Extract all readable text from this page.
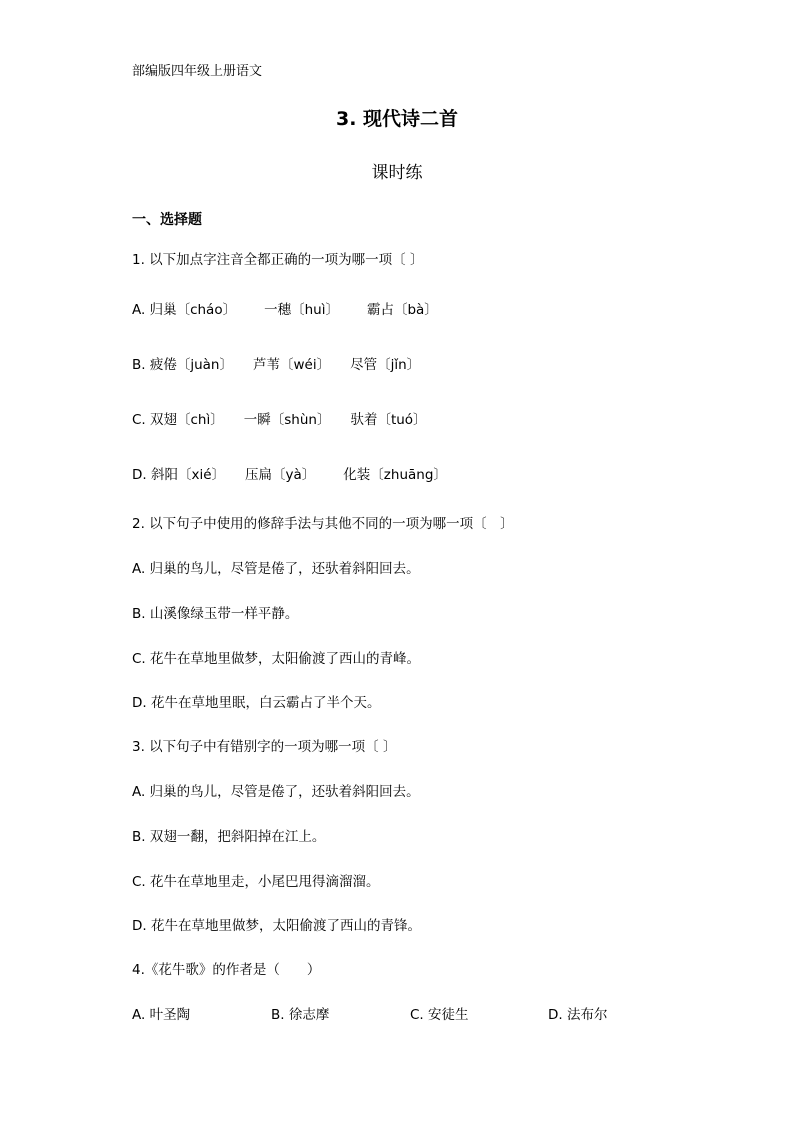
部编版四年级上册语文
3. 现代诗二首
课时练
一、选择题
1. 以下加点字注音全都正确的一项为哪一项〔 〕
A. 归巢〔cháo〕 一穗〔huì〕 霸占〔bà〕
B. 疲倦〔juàn〕 芦苇〔wéi〕 尽管〔jǐn〕
C. 双翅〔chì〕 一瞬〔shùn〕 驮着〔tuó〕
D. 斜阳〔xié〕 压扁〔yà〕 化装〔zhuāng〕
2. 以下句子中使用的修辞手法与其他不同的一项为哪一项〔　〕
A. 归巢的鸟儿，尽管是倦了，还驮着斜阳回去。
B. 山溪像绿玉带一样平静。
C. 花牛在草地里做梦，太阳偷渡了西山的青峰。
D. 花牛在草地里眠，白云霸占了半个天。
3. 以下句子中有错别字的一项为哪一项〔 〕
A. 归巢的鸟儿，尽管是倦了，还驮着斜阳回去。
B. 双翅一翻，把斜阳掉在江上。
C. 花牛在草地里走，小尾巴甩得滴溜溜。
D. 花牛在草地里做梦，太阳偷渡了西山的青锋。
4.《花牛歌》的作者是（　　）
A. 叶圣陶	B. 徐志摩	C. 安徒生	D. 法布尔
